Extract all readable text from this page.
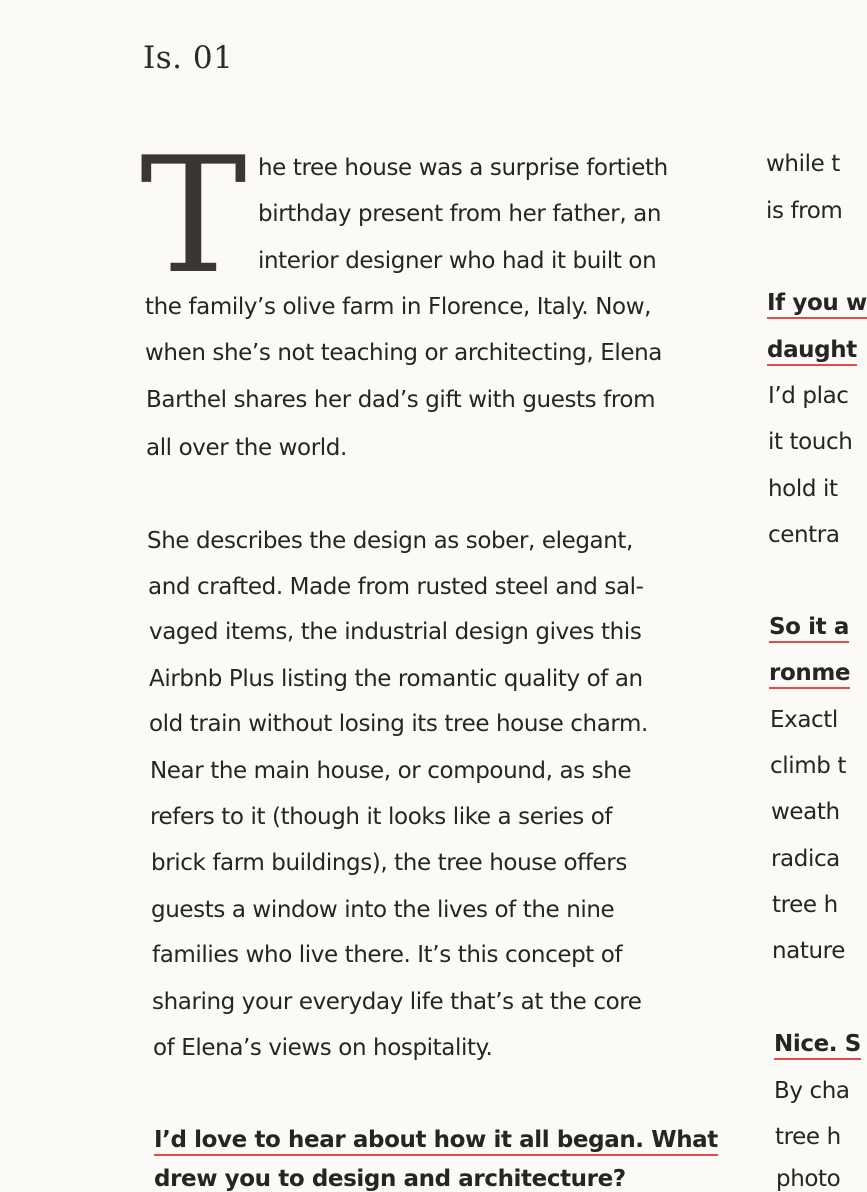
Is. 01
T he tree house was a surprise fortieth
birthday present from her father, an
interior designer who had it built on
the family’s olive farm in Florence, Italy. Now,
when she’s not teaching or architecting, Elena
Barthel shares her dad’s gift with guests from
all over the world.
She describes the design as sober, elegant,
and crafted. Made from rusted steel and sal-
vaged items, the industrial design gives this
Airbnb Plus listing the romantic quality of an
old train without losing its tree house charm.
Near the main house, or compound, as she
refers to it (though it looks like a series of
brick farm buildings), the tree house offers
guests a window into the lives of the nine
families who live there. It’s this concept of
sharing your everyday life that’s at the core
of Elena’s views on hospitality.
I’d love to hear about how it all began. What
drew you to design and architecture?
while t
is from
If you w
daught
I’d plac
it touch
hold it
centra
So it a
ronme
Exactl
climb t
weath
radica
tree h
nature
Nice. S
By cha
tree h
photo
